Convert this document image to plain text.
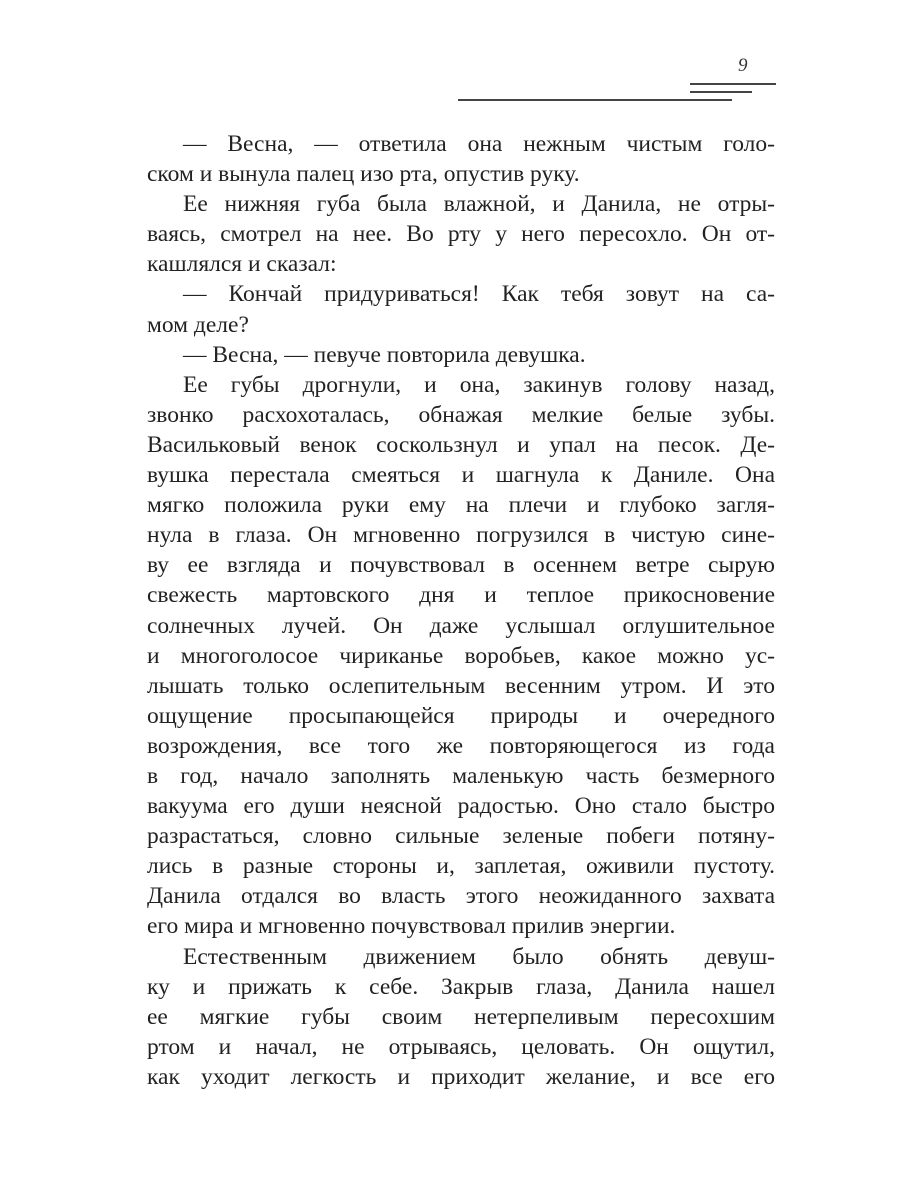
9
— Весна, — ответила она нежным чистым голо-
ском и вынула палец изо рта, опустив руку.
Ее нижняя губа была влажной, и Данила, не отры-
ваясь, смотрел на нее. Во рту у него пересохло. Он от-
кашлялся и сказал:
— Кончай придуриваться! Как тебя зовут на са-
мом деле?
— Весна, — певуче повторила девушка.
Ее губы дрогнули, и она, закинув голову назад,
звонко расхохоталась, обнажая мелкие белые зубы.
Васильковый венок соскользнул и упал на песок. Де-
вушка перестала смеяться и шагнула к Даниле. Она
мягко положила руки ему на плечи и глубоко загля-
нула в глаза. Он мгновенно погрузился в чистую сине-
ву ее взгляда и почувствовал в осеннем ветре сырую
свежесть мартовского дня и теплое прикосновение
солнечных лучей. Он даже услышал оглушительное
и многоголосое чириканье воробьев, какое можно ус-
лышать только ослепительным весенним утром. И это
ощущение просыпающейся природы и очередного
возрождения, все того же повторяющегося из года
в год, начало заполнять маленькую часть безмерного
вакуума его души неясной радостью. Оно стало быстро
разрастаться, словно сильные зеленые побеги потяну-
лись в разные стороны и, заплетая, оживили пустоту.
Данила отдался во власть этого неожиданного захвата
его мира и мгновенно почувствовал прилив энергии.
Естественным движением было обнять девуш-
ку и прижать к себе. Закрыв глаза, Данила нашел
ее мягкие губы своим нетерпеливым пересохшим
ртом и начал, не отрываясь, целовать. Он ощутил,
как уходит легкость и приходит желание, и все его
